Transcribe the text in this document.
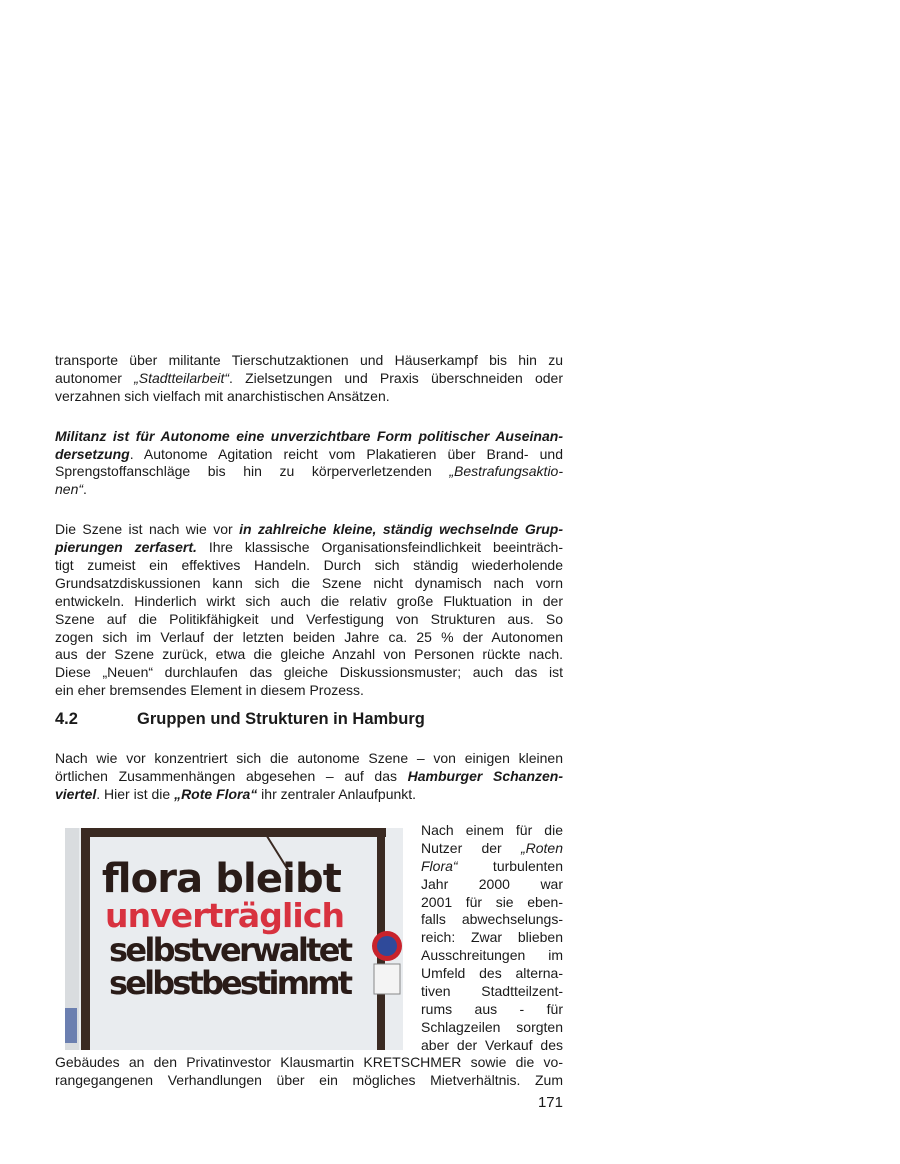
transporte über militante Tierschutzaktionen und Häuserkampf bis hin zu
autonomer „Stadtteilarbeit“. Zielsetzungen und Praxis überschneiden oder
verzahnen sich vielfach mit anarchistischen Ansätzen.
Militanz ist für Autonome eine unverzichtbare Form politischer Auseinan-
dersetzung. Autonome Agitation reicht vom Plakatieren über Brand- und
Sprengstoffanschläge bis hin zu körperverletzenden „Bestrafungsaktio-
nen“.
Die Szene ist nach wie vor in zahlreiche kleine, ständig wechselnde Grup-
pierungen zerfasert. Ihre klassische Organisationsfeindlichkeit beeinträch-
tigt zumeist ein effektives Handeln. Durch sich ständig wiederholende
Grundsatzdiskussionen kann sich die Szene nicht dynamisch nach vorn
entwickeln. Hinderlich wirkt sich auch die relativ große Fluktuation in der
Szene auf die Politikfähigkeit und Verfestigung von Strukturen aus. So
zogen sich im Verlauf der letzten beiden Jahre ca. 25 % der Autonomen
aus der Szene zurück, etwa die gleiche Anzahl von Personen rückte nach.
Diese „Neuen“ durchlaufen das gleiche Diskussionsmuster; auch das ist
ein eher bremsendes Element in diesem Prozess.
4.2	Gruppen und Strukturen in Hamburg
Nach wie vor konzentriert sich die autonome Szene – von einigen kleinen
örtlichen Zusammenhängen abgesehen – auf das Hamburger Schanzen-
viertel. Hier ist die „Rote Flora“ ihr zentraler Anlaufpunkt.
flora bleibt
unverträglich
selbstverwaltet
selbstbestimmt
Nach einem für die
Nutzer der „Roten
Flora“ turbulenten
Jahr 2000 war
2001 für sie eben-
falls abwechselungs-
reich: Zwar blieben
Ausschreitungen im
Umfeld des alterna-
tiven Stadtteilzent-
rums aus - für
Schlagzeilen sorgten
aber der Verkauf des
Gebäudes an den Privatinvestor Klausmartin KRETSCHMER sowie die vo-
rangegangenen Verhandlungen über ein mögliches Mietverhältnis. Zum
171
